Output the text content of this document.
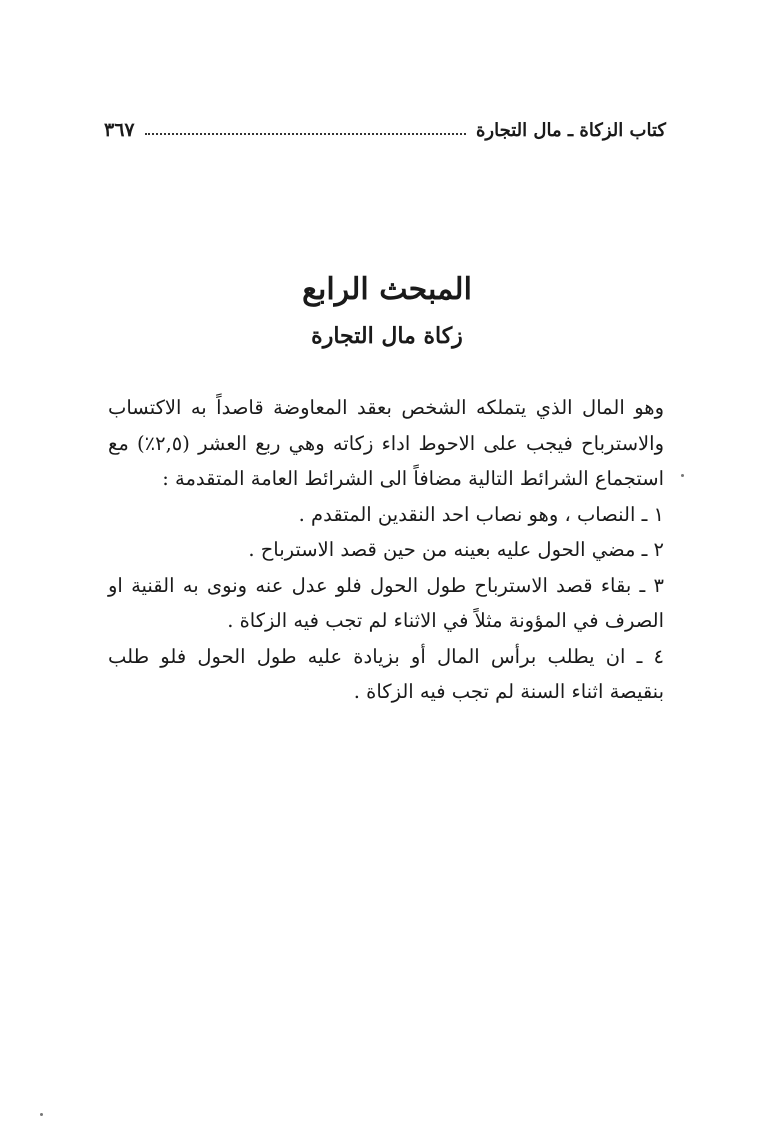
كتاب الزكاة ـ مال التجارة
٣٦٧
المبحث الرابع
زكاة مال التجارة

وهو المال الذي يتملكه الشخص بعقد المعاوضة قاصداً به الاكتساب والاسترباح فيجب على الاحوط اداء زكاته وهي ربع العشر (٢,٥٪) مع استجماع الشرائط التالية مضافاً الى الشرائط العامة المتقدمة :

١ ـ النصاب ، وهو نصاب احد النقدين المتقدم .

٢ ـ مضي الحول عليه بعينه من حين قصد الاسترباح .

٣ ـ بقاء قصد الاسترباح طول الحول فلو عدل عنه ونوى به القنية او الصرف في المؤونة مثلاً في الاثناء لم تجب فيه الزكاة .

٤ ـ ان يطلب برأس المال أو بزيادة عليه طول الحول فلو طلب بنقيصة اثناء السنة لم تجب فيه الزكاة .
